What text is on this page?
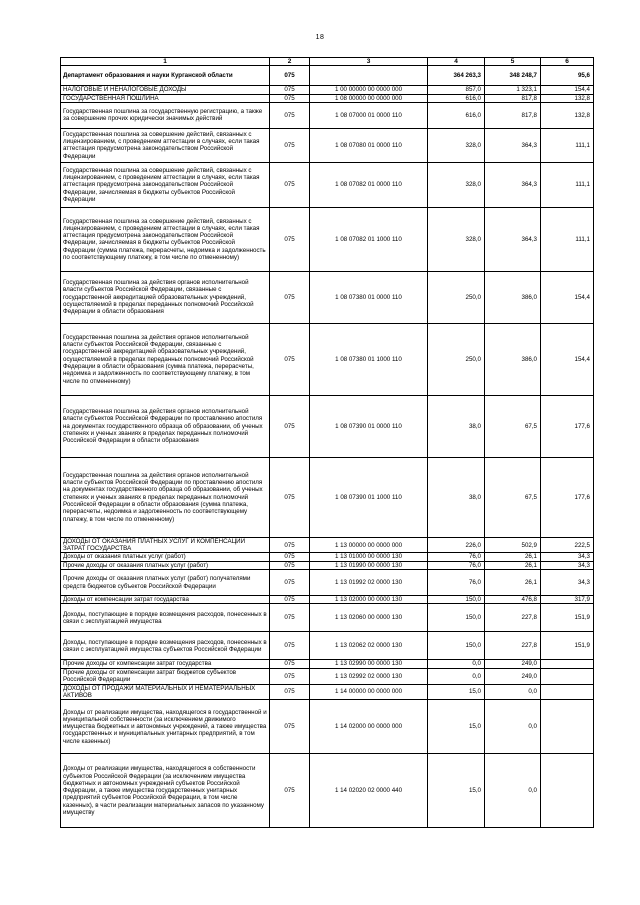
18
1	2	3	4	5	6
Департамент образования и науки Курганской области	075		364 263,3	348 248,7	95,6
НАЛОГОВЫЕ И НЕНАЛОГОВЫЕ ДОХОДЫ	075	1 00 00000 00 0000 000	857,0	1 323,1	154,4
ГОСУДАРСТВЕННАЯ ПОШЛИНА	075	1 08 00000 00 0000 000	616,0	817,8	132,8
Государственная пошлина за государственную регистрацию, а также за совершение прочих юридически значимых действий	075	1 08 07000 01 0000 110	616,0	817,8	132,8
Государственная пошлина за совершение действий, связанных с лицензированием, с проведением аттестации в случаях, если такая аттестация предусмотрена законодательством Российской Федерации	075	1 08 07080 01 0000 110	328,0	364,3	111,1
Государственная пошлина за совершение действий, связанных с лицензированием, с проведением аттестации в случаях, если такая аттестация предусмотрена законодательством Российской Федерации, зачисляемая в бюджеты субъектов Российской Федерации	075	1 08 07082 01 0000 110	328,0	364,3	111,1
Государственная пошлина за совершение действий, связанных с лицензированием, с проведением аттестации в случаях, если такая аттестация предусмотрена законодательством Российской Федерации, зачисляемая в бюджеты субъектов Российской Федерации (сумма платежа, перерасчеты, недоимка и задолженность по соответствующему платежу, в том числе по отмененному)	075	1 08 07082 01 1000 110	328,0	364,3	111,1
Государственная пошлина за действия органов исполнительной власти субъектов Российской Федерации, связанные с государственной аккредитацией образовательных учреждений, осуществляемой в пределах переданных полномочий Российской Федерации в области образования	075	1 08 07380 01 0000 110	250,0	386,0	154,4
Государственная пошлина за действия органов исполнительной власти субъектов Российской Федерации, связанные с государственной аккредитацией образовательных учреждений, осуществляемой в пределах переданных полномочий Российской Федерации в области образования (сумма платежа, перерасчеты, недоимка и задолженность по соответствующему платежу, в том числе по отмененному)	075	1 08 07380 01 1000 110	250,0	386,0	154,4
Государственная пошлина за действия органов исполнительной власти субъектов Российской Федерации по проставлению апостиля на документах государственного образца об образовании, об ученых степенях и ученых званиях в пределах переданных полномочий Российской Федерации в области образования	075	1 08 07390 01 0000 110	38,0	67,5	177,6
Государственная пошлина за действия органов исполнительной власти субъектов Российской Федерации по проставлению апостиля на документах государственного образца об образовании, об ученых степенях и ученых званиях в пределах переданных полномочий Российской Федерации в области образования (сумма платежа, перерасчеты, недоимка и задолженность по соответствующему платежу, в том числе по отмененному)	075	1 08 07390 01 1000 110	38,0	67,5	177,6
ДОХОДЫ ОТ ОКАЗАНИЯ ПЛАТНЫХ УСЛУГ И КОМПЕНСАЦИИ ЗАТРАТ ГОСУДАРСТВА	075	1 13 00000 00 0000 000	226,0	502,9	222,5
Доходы от оказания платных услуг (работ)	075	1 13 01000 00 0000 130	76,0	26,1	34,3
Прочие доходы от оказания платных услуг (работ)	075	1 13 01990 00 0000 130	76,0	26,1	34,3
Прочие доходы от оказания платных услуг (работ) получателями средств бюджетов субъектов Российской Федерации	075	1 13 01992 02 0000 130	76,0	26,1	34,3
Доходы от компенсации затрат государства	075	1 13 02000 00 0000 130	150,0	476,8	317,9
Доходы, поступающие в порядке возмещения расходов, понесенных в связи с эксплуатацией имущества	075	1 13 02060 00 0000 130	150,0	227,8	151,9
Доходы, поступающие в порядке возмещения расходов, понесенных в связи с эксплуатацией имущества субъектов Российской Федерации	075	1 13 02062 02 0000 130	150,0	227,8	151,9
Прочие доходы от компенсации затрат государства	075	1 13 02990 00 0000 130	0,0	249,0	
Прочие доходы от компенсации затрат бюджетов субъектов Российской Федерации	075	1 13 02992 02 0000 130	0,0	249,0	
ДОХОДЫ ОТ ПРОДАЖИ МАТЕРИАЛЬНЫХ И НЕМАТЕРИАЛЬНЫХ АКТИВОВ	075	1 14 00000 00 0000 000	15,0	0,0	
Доходы от реализации имущества, находящегося в государственной и муниципальной собственности (за исключением движимого имущества бюджетных и автономных учреждений, а также имущества государственных и муниципальных унитарных предприятий, в том числе казенных)	075	1 14 02000 00 0000 000	15,0	0,0	
Доходы от реализации имущества, находящегося в собственности субъектов Российской Федерации (за исключением имущества бюджетных и автономных учреждений субъектов Российской Федерации, а также имущества государственных унитарных предприятий субъектов Российской Федерации, в том числе казенных), в части реализации материальных запасов по указанному имуществу	075	1 14 02020 02 0000 440	15,0	0,0	
